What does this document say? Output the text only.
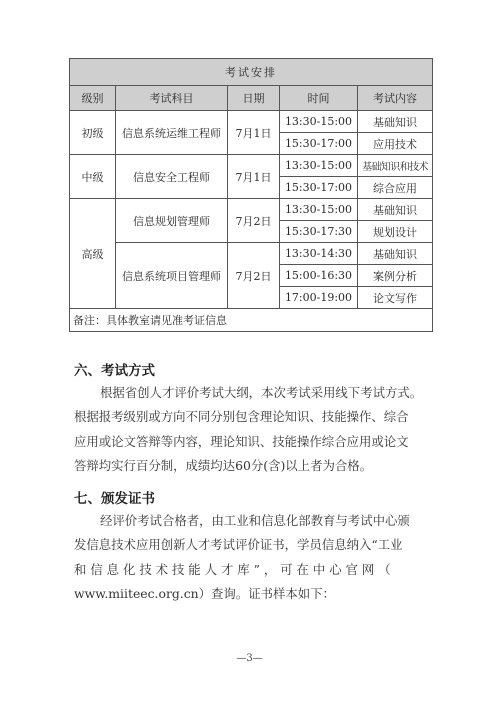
考试安排				
级别	考试科目	日期	时间	考试内容
初级	信息系统运维工程师	7月1日	13:30-15:00	基础知识
			15:30-17:00	应用技术
中级	信息安全工程师	7月1日	13:30-15:00	基础知识和技术
			15:30-17:00	综合应用
高级	信息规划管理师	7月2日	13:30-15:00	基础知识
			15:30-17:30	规划设计
	信息系统项目管理师	7月2日	13:30-14:30	基础知识
			15:00-16:30	案例分析
			17:00-19:00	论文写作
备注：具体教室请见准考证信息				
六、考试方式
根据省创人才评价考试大纲，本次考试采用线下考试方式。
根据报考级别或方向不同分别包含理论知识、技能操作、综合
应用或论文答辩等内容，理论知识、技能操作综合应用或论文
答辩均实行百分制，成绩均达60分(含)以上者为合格。
七、颁发证书
经评价考试合格者，由工业和信息化部教育与考试中心颁
发信息技术应用创新人才考试评价证书，学员信息纳入“工业
和 信 息 化 技 术 技 能 人 才 库 ” ， 可 在 中 心 官 网 （
www.miiteec.org.cn）查询。证书样本如下：
—3—
